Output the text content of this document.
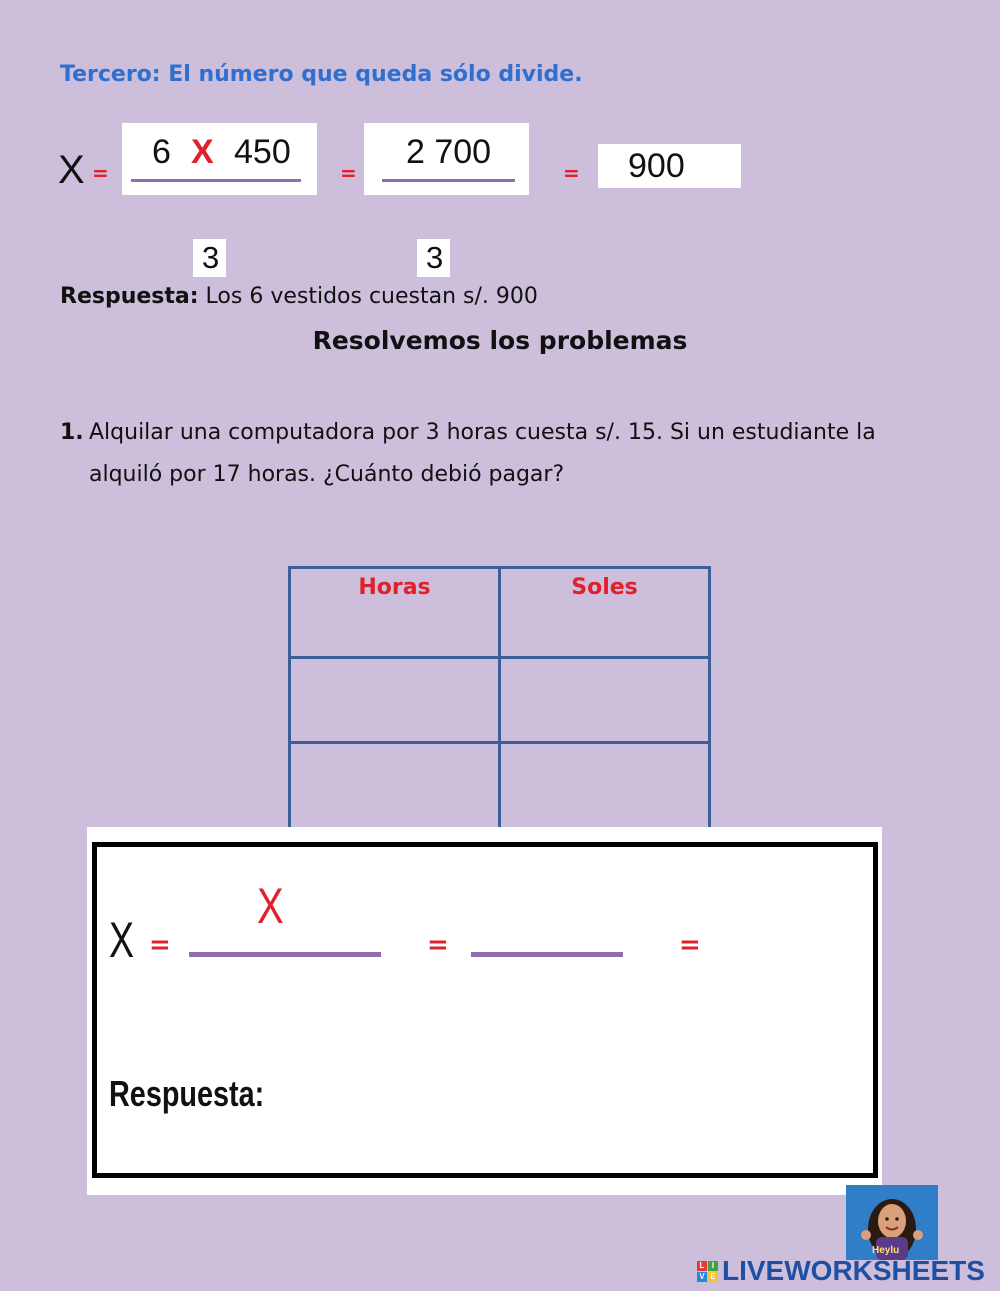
Tercero: El número que queda sólo divide.
X =
6 X 450
=
2 700
= 900
3	3
Respuesta: Los 6 vestidos cuestan s/. 900
Resolvemos los problemas
1. Alquilar una computadora por 3 horas cuesta s/. 15. Si un estudiante la alquiló por 17 horas. ¿Cuánto debió pagar?
Horas	Soles

X =
X
=	=
Respuesta:
Heylu
L I
V E LIVEWORKSHEETS
